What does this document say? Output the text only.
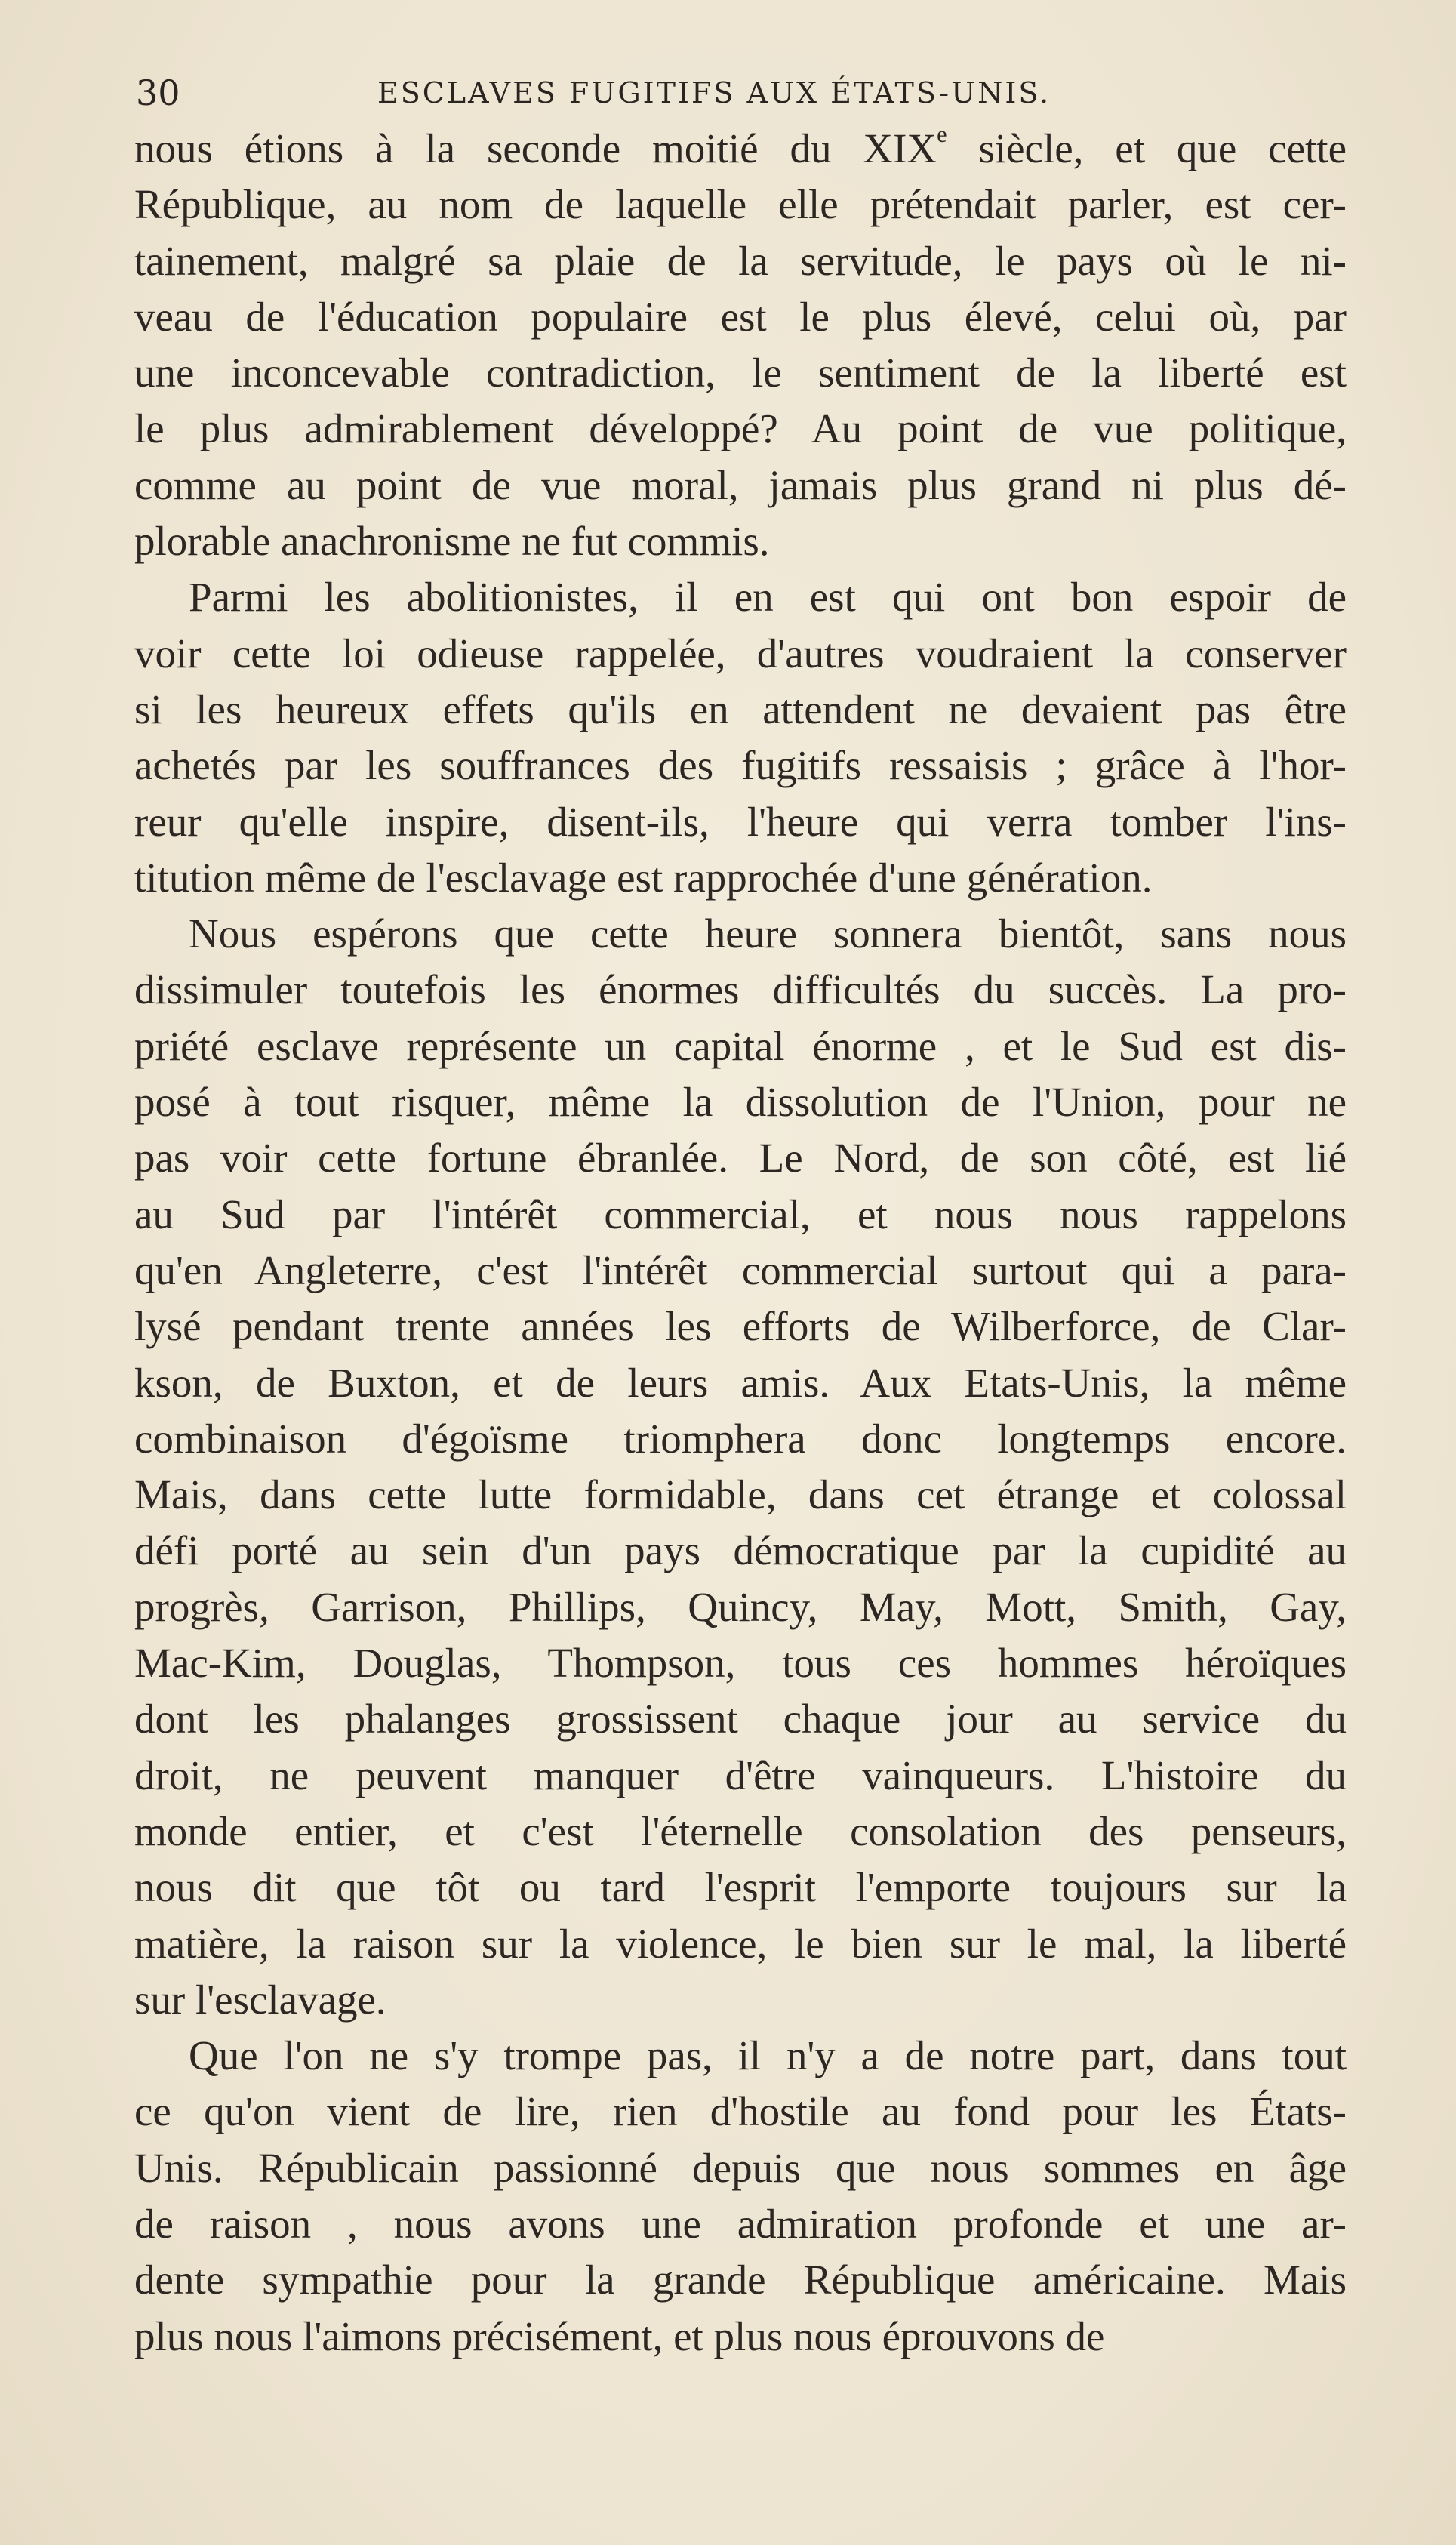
30	ESCLAVES FUGITIFS AUX ÉTATS-UNIS.
nous étions à la seconde moitié du XIXe siècle, et que cette
République, au nom de laquelle elle prétendait parler, est cer-
tainement, malgré sa plaie de la servitude, le pays où le ni-
veau de l'éducation populaire est le plus élevé, celui où, par
une inconcevable contradiction, le sentiment de la liberté est
le plus admirablement développé? Au point de vue politique,
comme au point de vue moral, jamais plus grand ni plus dé-
plorable anachronisme ne fut commis.
Parmi les abolitionistes, il en est qui ont bon espoir de
voir cette loi odieuse rappelée, d'autres voudraient la conserver
si les heureux effets qu'ils en attendent ne devaient pas être
achetés par les souffrances des fugitifs ressaisis ; grâce à l'hor-
reur qu'elle inspire, disent-ils, l'heure qui verra tomber l'ins-
titution même de l'esclavage est rapprochée d'une génération.
Nous espérons que cette heure sonnera bientôt, sans nous
dissimuler toutefois les énormes difficultés du succès. La pro-
priété esclave représente un capital énorme , et le Sud est dis-
posé à tout risquer, même la dissolution de l'Union, pour ne
pas voir cette fortune ébranlée. Le Nord, de son côté, est lié
au Sud par l'intérêt commercial, et nous nous rappelons
qu'en Angleterre, c'est l'intérêt commercial surtout qui a para-
lysé pendant trente années les efforts de Wilberforce, de Clar-
kson, de Buxton, et de leurs amis. Aux Etats-Unis, la même
combinaison d'égoïsme triomphera donc longtemps encore.
Mais, dans cette lutte formidable, dans cet étrange et colossal
défi porté au sein d'un pays démocratique par la cupidité au
progrès, Garrison, Phillips, Quincy, May, Mott, Smith, Gay,
Mac-Kim, Douglas, Thompson, tous ces hommes héroïques
dont les phalanges grossissent chaque jour au service du
droit, ne peuvent manquer d'être vainqueurs. L'histoire du
monde entier, et c'est l'éternelle consolation des penseurs,
nous dit que tôt ou tard l'esprit l'emporte toujours sur la
matière, la raison sur la violence, le bien sur le mal, la liberté
sur l'esclavage.
Que l'on ne s'y trompe pas, il n'y a de notre part, dans tout
ce qu'on vient de lire, rien d'hostile au fond pour les États-
Unis. Républicain passionné depuis que nous sommes en âge
de raison , nous avons une admiration profonde et une ar-
dente sympathie pour la grande République américaine. Mais
plus nous l'aimons précisément, et plus nous éprouvons de
